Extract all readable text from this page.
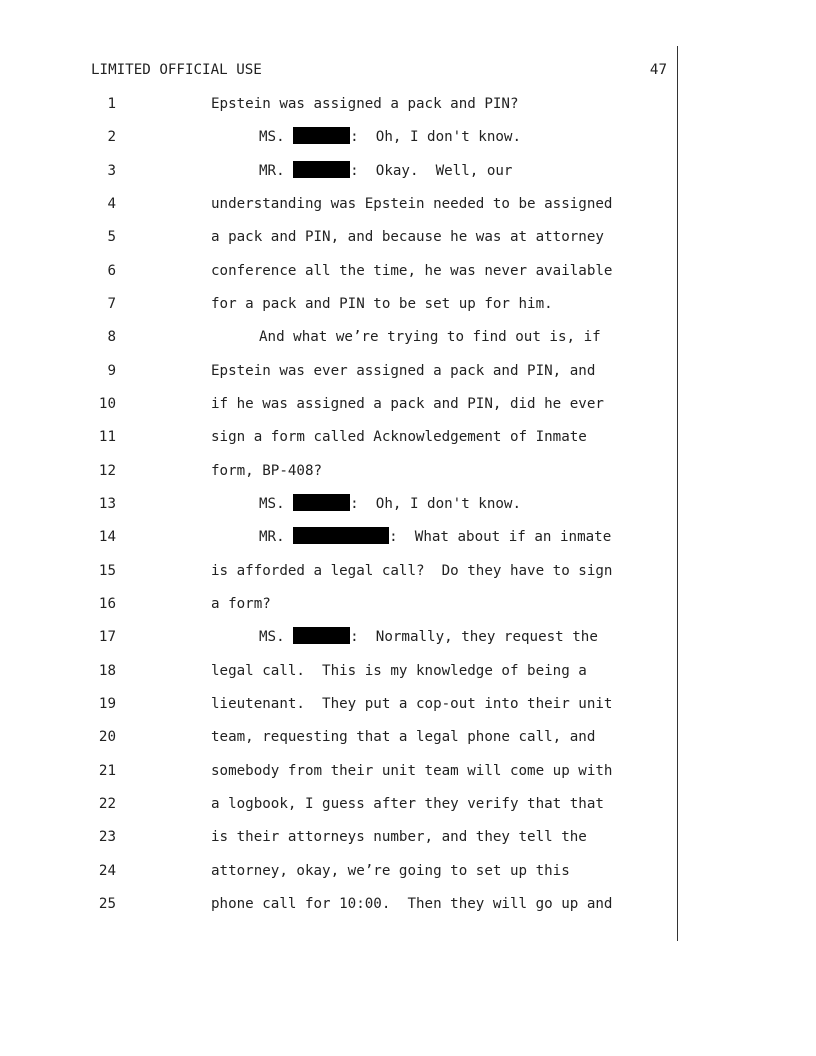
LIMITED OFFICIAL USE	47
1	Epstein was assigned a pack and PIN?
2	MS.	:  Oh, I don't know.
3	MR.	:  Okay.  Well, our
4	understanding was Epstein needed to be assigned
5	a pack and PIN, and because he was at attorney
6	conference all the time, he was never available
7	for a pack and PIN to be set up for him.
8	And what we’re trying to find out is, if
9	Epstein was ever assigned a pack and PIN, and
10	if he was assigned a pack and PIN, did he ever
11	sign a form called Acknowledgement of Inmate
12	form, BP-408?
13	MS.	:  Oh, I don't know.
14	MR.	:  What about if an inmate
15	is afforded a legal call?  Do they have to sign
16	a form?
17	MS.	:  Normally, they request the
18	legal call.  This is my knowledge of being a
19	lieutenant.  They put a cop-out into their unit
20	team, requesting that a legal phone call, and
21	somebody from their unit team will come up with
22	a logbook, I guess after they verify that that
23	is their attorneys number, and they tell the
24	attorney, okay, we’re going to set up this
25	phone call for 10:00.  Then they will go up and
